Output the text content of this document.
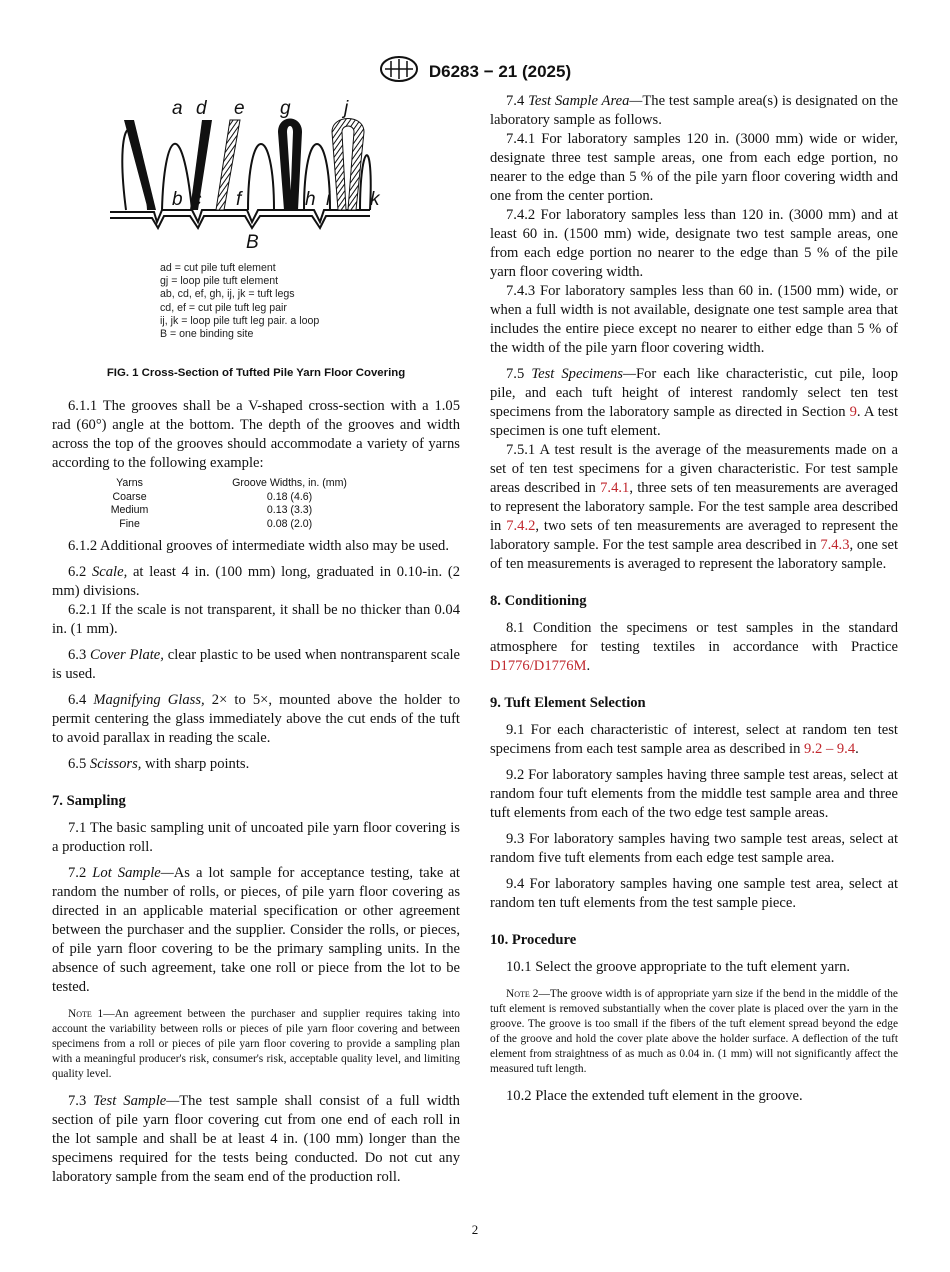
D6283 − 21 (2025)
a d e g	j
b c f	h i k
B
ad = cut pile tuft element
gj = loop pile tuft element
ab, cd, ef, gh, ij, jk = tuft legs
cd, ef = cut pile tuft leg pair
ij, jk = loop pile tuft leg pair. a loop
B = one binding site
FIG. 1 Cross-Section of Tufted Pile Yarn Floor Covering

6.1.1 The grooves shall be a V-shaped cross-section with a 1.05 rad (60°) angle at the bottom. The depth of the grooves and width across the top of the grooves should accommodate a variety of yarns according to the following example:

Yarns	Groove Widths, in. (mm)
Coarse	0.18 (4.6)
Medium	0.13 (3.3)
Fine	0.08 (2.0)

6.1.2 Additional grooves of intermediate width also may be used.

6.2 Scale, at least 4 in. (100 mm) long, graduated in 0.10-in. (2 mm) divisions.

6.2.1 If the scale is not transparent, it shall be no thicker than 0.04 in. (1 mm).

6.3 Cover Plate, clear plastic to be used when nontransparent scale is used.

6.4 Magnifying Glass, 2× to 5×, mounted above the holder to permit centering the glass immediately above the cut ends of the tuft to avoid parallax in reading the scale.

6.5 Scissors, with sharp points.

7. Sampling

7.1 The basic sampling unit of uncoated pile yarn floor covering is a production roll.

7.2 Lot Sample—As a lot sample for acceptance testing, take at random the number of rolls, or pieces, of pile yarn floor covering as directed in an applicable material specification or other agreement between the purchaser and the supplier. Consider the rolls, or pieces, of pile yarn floor covering to be the primary sampling units. In the absence of such agreement, take one roll or piece from the lot to be tested.

Note 1—An agreement between the purchaser and supplier requires taking into account the variability between rolls or pieces of pile yarn floor covering and between specimens from a roll or pieces of pile yarn floor covering to provide a sampling plan with a meaningful producer's risk, consumer's risk, acceptable quality level, and limiting quality level.

7.3 Test Sample—The test sample shall consist of a full width section of pile yarn floor covering cut from one end of each roll in the lot sample and shall be at least 4 in. (100 mm) longer than the specimens required for the tests being conducted. Do not cut any laboratory sample from the seam end of the production roll.

7.4 Test Sample Area—The test sample area(s) is designated on the laboratory sample as follows.

7.4.1 For laboratory samples 120 in. (3000 mm) wide or wider, designate three test sample areas, one from each edge portion, no nearer to the edge than 5 % of the pile yarn floor covering width and one from the center portion.

7.4.2 For laboratory samples less than 120 in. (3000 mm) and at least 60 in. (1500 mm) wide, designate two test sample areas, one from each edge portion no nearer to the edge than 5 % of the pile yarn floor covering width.

7.4.3 For laboratory samples less than 60 in. (1500 mm) wide, or when a full width is not available, designate one test sample area that includes the entire piece except no nearer to either edge than 5 % of the width of the pile yarn floor covering width.

7.5 Test Specimens—For each like characteristic, cut pile, loop pile, and each tuft height of interest randomly select ten test specimens from the laboratory sample as directed in Section 9. A test specimen is one tuft element.

7.5.1 A test result is the average of the measurements made on a set of ten test specimens for a given characteristic. For test sample areas described in 7.4.1, three sets of ten measurements are averaged to represent the laboratory sample. For the test sample area described in 7.4.2, two sets of ten measurements are averaged to represent the laboratory sample. For the test sample area described in 7.4.3, one set of ten measurements is averaged to represent the laboratory sample.

8. Conditioning

8.1 Condition the specimens or test samples in the standard atmosphere for testing textiles in accordance with Practice D1776/D1776M.

9. Tuft Element Selection

9.1 For each characteristic of interest, select at random ten test specimens from each test sample area as described in 9.2 – 9.4.

9.2 For laboratory samples having three sample test areas, select at random four tuft elements from the middle test sample area and three tuft elements from each of the two edge test sample areas.

9.3 For laboratory samples having two sample test areas, select at random five tuft elements from each edge test sample area.

9.4 For laboratory samples having one sample test area, select at random ten tuft elements from the test sample piece.

10. Procedure

10.1 Select the groove appropriate to the tuft element yarn.

Note 2—The groove width is of appropriate yarn size if the bend in the middle of the tuft element is removed substantially when the cover plate is placed over the yarn in the groove. The groove is too small if the fibers of the tuft element spread beyond the edge of the groove and hold the cover plate above the holder surface. A deflection of the tuft element from straightness of as much as 0.04 in. (1 mm) will not significantly affect the measured tuft length.

10.2 Place the extended tuft element in the groove.

2
